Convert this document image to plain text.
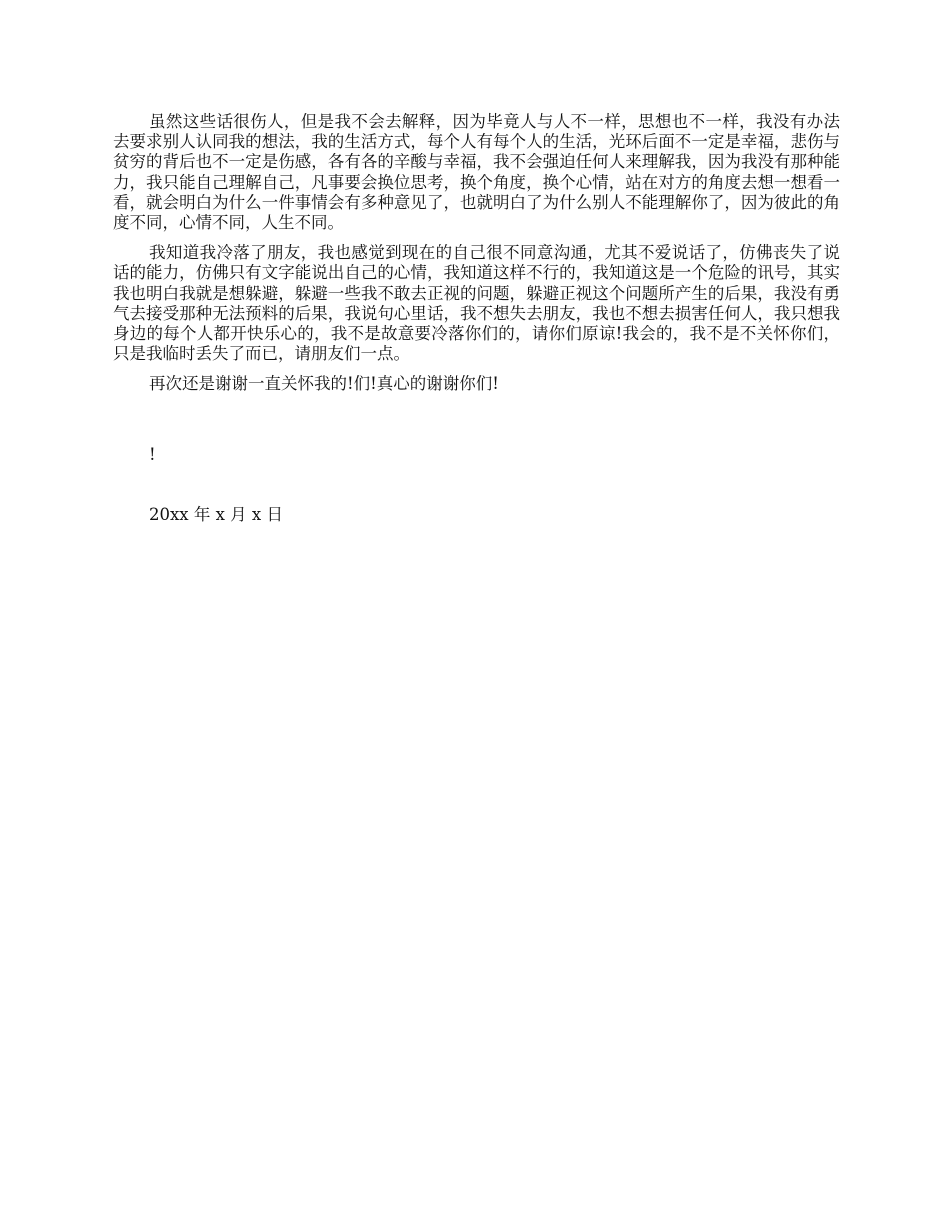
虽然这些话很伤人，但是我不会去解释，因为毕竟人与人不一样，思想也不一样，我没有办法去要求别人认同我的想法，我的生活方式，每个人有每个人的生活，光环后面不一定是幸福，悲伤与贫穷的背后也不一定是伤感，各有各的辛酸与幸福，我不会强迫任何人来理解我，因为我没有那种能力，我只能自己理解自己，凡事要会换位思考，换个角度，换个心情，站在对方的角度去想一想看一看，就会明白为什么一件事情会有多种意见了，也就明白了为什么别人不能理解你了，因为彼此的角度不同，心情不同，人生不同。

我知道我冷落了朋友，我也感觉到现在的自己很不同意沟通，尤其不爱说话了，仿佛丧失了说话的能力，仿佛只有文字能说出自己的心情，我知道这样不行的，我知道这是一个危险的讯号，其实我也明白我就是想躲避，躲避一些我不敢去正视的问题，躲避正视这个问题所产生的后果，我没有勇气去接受那种无法预料的后果，我说句心里话，我不想失去朋友，我也不想去损害任何人，我只想我身边的每个人都开快乐心的，我不是故意要冷落你们的，请你们原谅!我会的，我不是不关怀你们，只是我临时丢失了而已，请朋友们一点。

再次还是谢谢一直关怀我的!们!真心的谢谢你们!

!

20xx 年 x 月 x 日
